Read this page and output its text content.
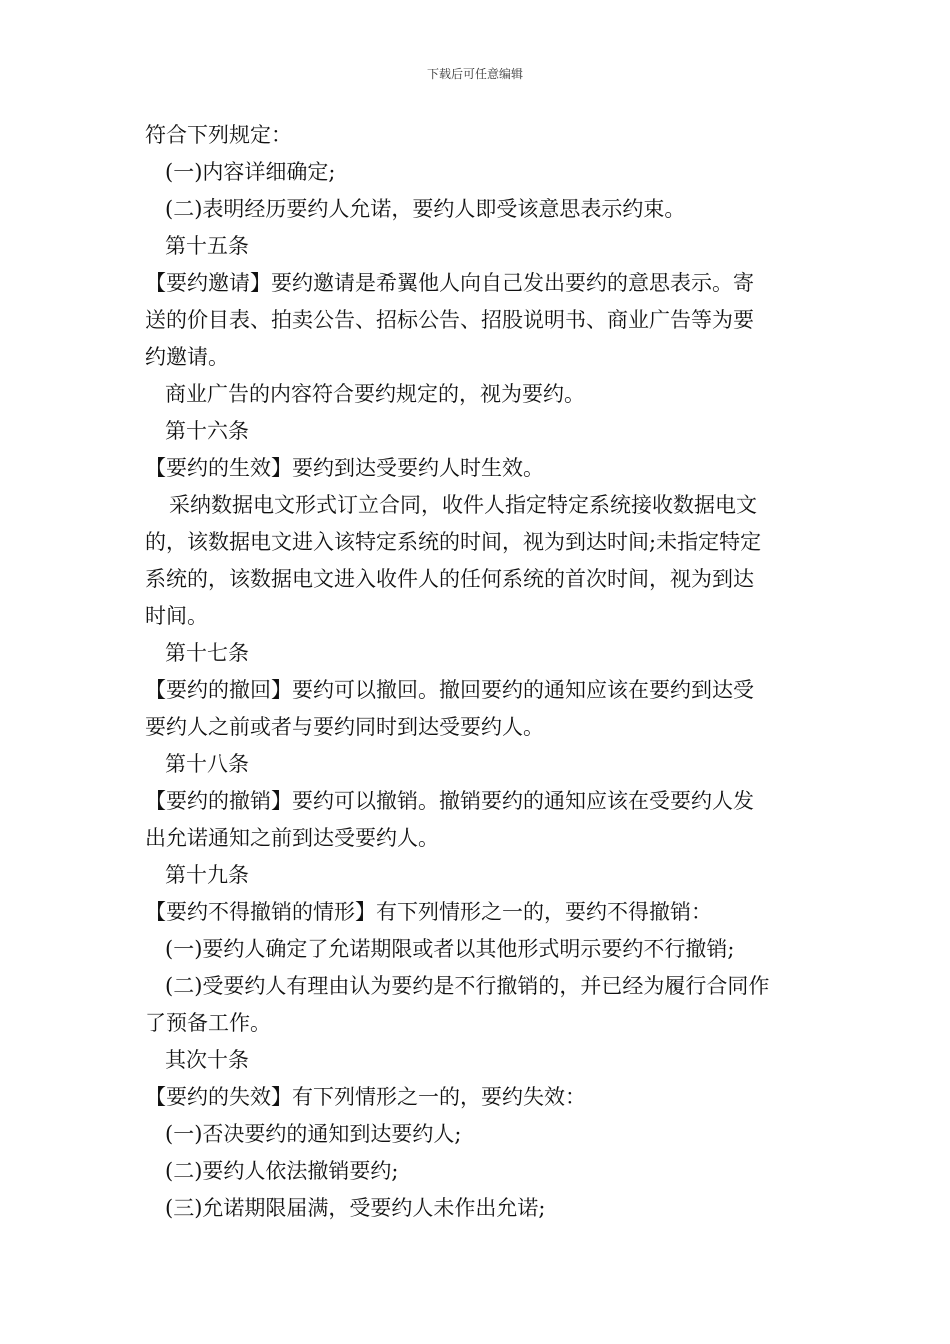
下载后可任意编辑
符合下列规定：
(一)内容详细确定;
(二)表明经历要约人允诺，要约人即受该意思表示约束。
第十五条
【要约邀请】要约邀请是希翼他人向自己发出要约的意思表示。寄
送的价目表、拍卖公告、招标公告、招股说明书、商业广告等为要
约邀请。
商业广告的内容符合要约规定的，视为要约。
第十六条
【要约的生效】要约到达受要约人时生效。
采纳数据电文形式订立合同，收件人指定特定系统接收数据电文
的，该数据电文进入该特定系统的时间，视为到达时间;未指定特定
系统的，该数据电文进入收件人的任何系统的首次时间，视为到达
时间。
第十七条
【要约的撤回】要约可以撤回。撤回要约的通知应该在要约到达受
要约人之前或者与要约同时到达受要约人。
第十八条
【要约的撤销】要约可以撤销。撤销要约的通知应该在受要约人发
出允诺通知之前到达受要约人。
第十九条
【要约不得撤销的情形】有下列情形之一的，要约不得撤销：
(一)要约人确定了允诺期限或者以其他形式明示要约不行撤销;
(二)受要约人有理由认为要约是不行撤销的，并已经为履行合同作
了预备工作。
其次十条
【要约的失效】有下列情形之一的，要约失效：
(一)否决要约的通知到达要约人;
(二)要约人依法撤销要约;
(三)允诺期限届满，受要约人未作出允诺;
